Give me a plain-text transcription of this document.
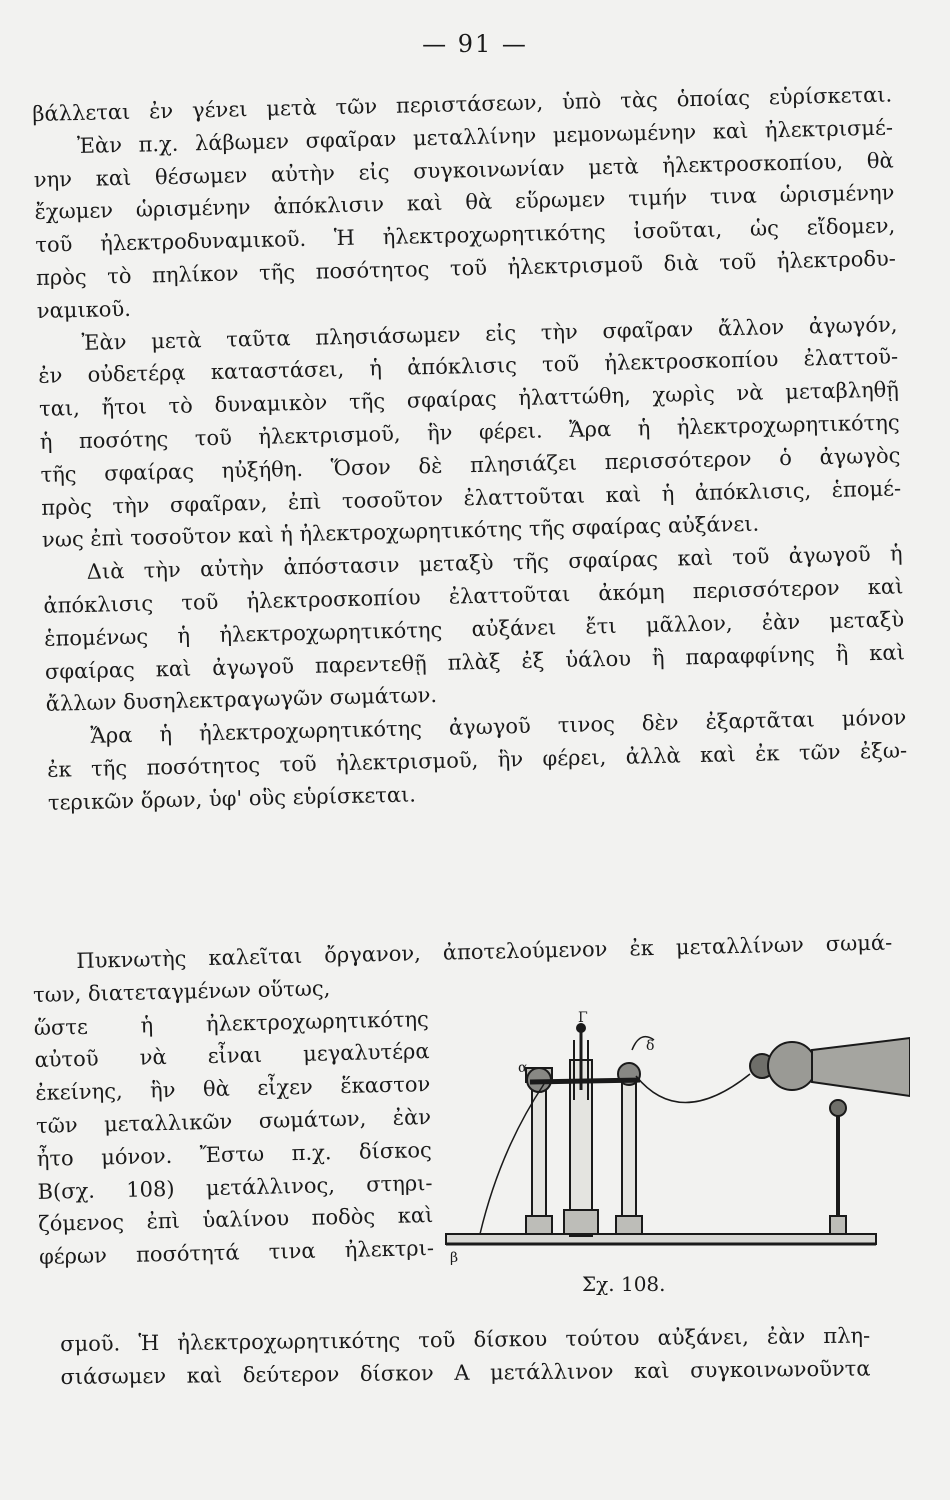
— 91 —

βάλλεται ἐν γένει μετὰ τῶν περιστάσεων, ὑπὸ τὰς ὁποίας εὑρίσκεται.
Ἐὰν π.χ. λάβωμεν σφαῖραν μεταλλίνην μεμονωμένην καὶ ἠλεκτρισμέ-
νην καὶ θέσωμεν αὐτὴν εἰς συγκοινωνίαν μετὰ ἠλεκτροσκοπίου, θὰ
ἔχωμεν ὡρισμένην ἀπόκλισιν καὶ θὰ εὕρωμεν τιμήν τινα ὡρισμένην
τοῦ ἠλεκτροδυναμικοῦ. Ἡ ἠλεκτροχωρητικότης ἰσοῦται, ὡς εἴδομεν,
πρὸς τὸ πηλίκον τῆς ποσότητος τοῦ ἠλεκτρισμοῦ διὰ τοῦ ἠλεκτροδυ-
ναμικοῦ.

Ἐὰν μετὰ ταῦτα πλησιάσωμεν εἰς τὴν σφαῖραν ἄλλον ἀγωγόν,
ἐν οὐδετέρᾳ καταστάσει, ἡ ἀπόκλισις τοῦ ἠλεκτροσκοπίου ἐλαττοῦ-
ται, ἤτοι τὸ δυναμικὸν τῆς σφαίρας ἠλαττώθη, χωρὶς νὰ μεταβληθῇ
ἡ ποσότης τοῦ ἠλεκτρισμοῦ, ἣν φέρει. Ἄρα ἡ ἠλεκτροχωρητικότης
τῆς σφαίρας ηὐξήθη. Ὅσον δὲ πλησιάζει περισσότερον ὁ ἀγωγὸς
πρὸς τὴν σφαῖραν, ἐπὶ τοσοῦτον ἐλαττοῦται καὶ ἡ ἀπόκλισις, ἑπομέ-
νως ἐπὶ τοσοῦτον καὶ ἡ ἠλεκτροχωρητικότης τῆς σφαίρας αὐξάνει.

Διὰ τὴν αὐτὴν ἀπόστασιν μεταξὺ τῆς σφαίρας καὶ τοῦ ἀγωγοῦ ἡ
ἀπόκλισις τοῦ ἠλεκτροσκοπίου ἐλαττοῦται ἀκόμη περισσότερον καὶ
ἑπομένως ἡ ἠλεκτροχωρητικότης αὐξάνει ἔτι μᾶλλον, ἐὰν μεταξὺ
σφαίρας καὶ ἀγωγοῦ παρεντεθῇ πλὰξ ἐξ ὑάλου ἢ παραφφίνης ἢ καὶ
ἄλλων δυσηλεκτραγωγῶν σωμάτων.

Ἄρα ἡ ἠλεκτροχωρητικότης ἀγωγοῦ τινος δὲν ἐξαρτᾶται μόνον
ἐκ τῆς ποσότητος τοῦ ἠλεκτρισμοῦ, ἣν φέρει, ἀλλὰ καὶ ἐκ τῶν ἐξω-
τερικῶν ὅρων, ὑφ' οὓς εὑρίσκεται.

Πυκνωτὴς καλεῖται ὄργανον, ἀποτελούμενον ἐκ μεταλλίνων σωμά-
των, διατεταγμένων οὕτως,
ὥστε ἡ ἠλεκτροχωρητικότης
αὐτοῦ νὰ εἶναι μεγαλυτέρα
ἐκείνης, ἣν θὰ εἶχεν ἕκαστον
τῶν μεταλλικῶν σωμάτων, ἐὰν
ἦτο μόνον. Ἔστω π.χ. δίσκος
Β(σχ. 108) μετάλλινος, στηρι-
ζόμενος ἐπὶ ὑαλίνου ποδὸς καὶ
φέρων ποσότητά τινα ἠλεκτρι-

σμοῦ. Ἡ ἠλεκτροχωρητικότης τοῦ δίσκου τούτου αὐξάνει, ἐὰν πλη-
σιάσωμεν καὶ δεύτερον δίσκον Α μετάλλινον καὶ συγκοινωνοῦντα
Γ
α
δ
β
Σχ. 108.
